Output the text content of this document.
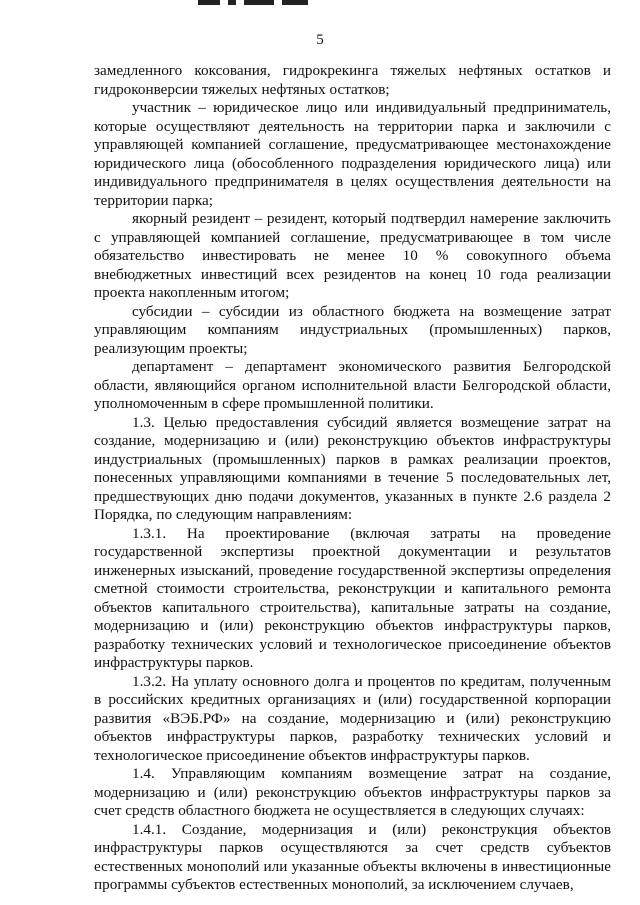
5

замедленного коксования, гидрокрекинга тяжелых нефтяных остатков и гидроконверсии тяжелых нефтяных остатков;

участник – юридическое лицо или индивидуальный предприниматель, которые осуществляют деятельность на территории парка и заключили с управляющей компанией соглашение, предусматривающее местонахождение юридического лица (обособленного подразделения юридического лица) или индивидуального предпринимателя в целях осуществления деятельности на территории парка;

якорный резидент – резидент, который подтвердил намерение заключить с управляющей компанией соглашение, предусматривающее в том числе обязательство инвестировать не менее 10 % совокупного объема внебюджетных инвестиций всех резидентов на конец 10 года реализации проекта накопленным итогом;

субсидии – субсидии из областного бюджета на возмещение затрат управляющим компаниям индустриальных (промышленных) парков, реализующим проекты;

департамент – департамент экономического развития Белгородской области, являющийся органом исполнительной власти Белгородской области, уполномоченным в сфере промышленной политики.

1.3. Целью предоставления субсидий является возмещение затрат на создание, модернизацию и (или) реконструкцию объектов инфраструктуры индустриальных (промышленных) парков в рамках реализации проектов, понесенных управляющими компаниями в течение 5 последовательных лет, предшествующих дню подачи документов, указанных в пункте 2.6 раздела 2 Порядка, по следующим направлениям:

1.3.1. На проектирование (включая затраты на проведение государственной экспертизы проектной документации и результатов инженерных изысканий, проведение государственной экспертизы определения сметной стоимости строительства, реконструкции и капитального ремонта объектов капитального строительства), капитальные затраты на создание, модернизацию и (или) реконструкцию объектов инфраструктуры парков, разработку технических условий и технологическое присоединение объектов инфраструктуры парков.

1.3.2. На уплату основного долга и процентов по кредитам, полученным в российских кредитных организациях и (или) государственной корпорации развития «ВЭБ.РФ» на создание, модернизацию и (или) реконструкцию объектов инфраструктуры парков, разработку технических условий и технологическое присоединение объектов инфраструктуры парков.

1.4. Управляющим компаниям возмещение затрат на создание, модернизацию и (или) реконструкцию объектов инфраструктуры парков за счет средств областного бюджета не осуществляется в следующих случаях:

1.4.1. Создание, модернизация и (или) реконструкция объектов инфраструктуры парков осуществляются за счет средств субъектов естественных монополий или указанные объекты включены в инвестиционные программы субъектов естественных монополий, за исключением случаев,
